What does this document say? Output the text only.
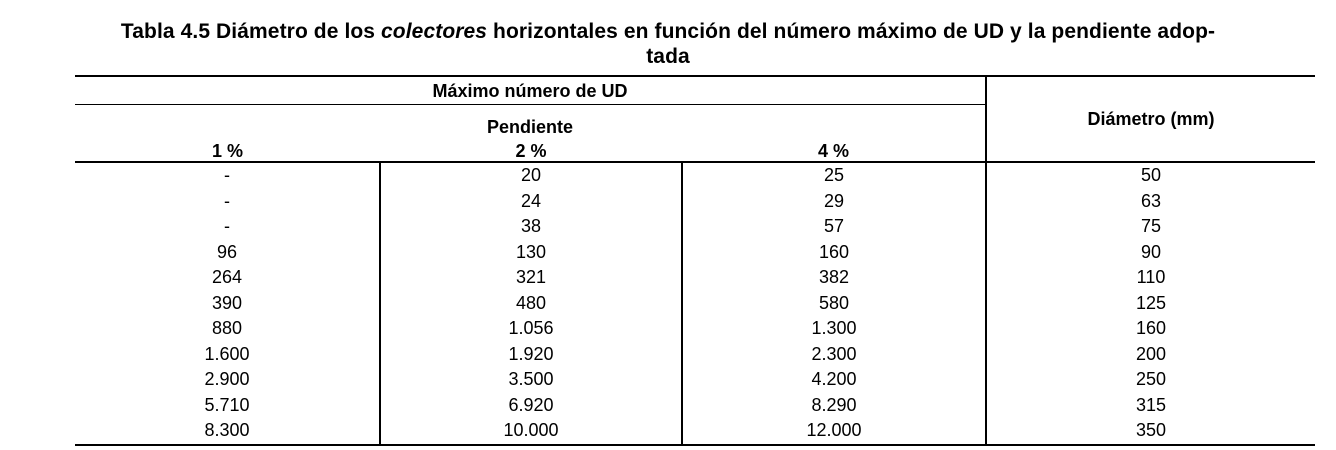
Tabla 4.5 Diámetro de los colectores horizontales en función del número máximo de UD y la pendiente adop-
tada
Máximo número de UD			Diámetro (mm)
Pendiente			
1 %	2 %	4 %	
-	20	25	50
-	24	29	63
-	38	57	75
96	130	160	90
264	321	382	110
390	480	580	125
880	1.056	1.300	160
1.600	1.920	2.300	200
2.900	3.500	4.200	250
5.710	6.920	8.290	315
8.300	10.000	12.000	350
